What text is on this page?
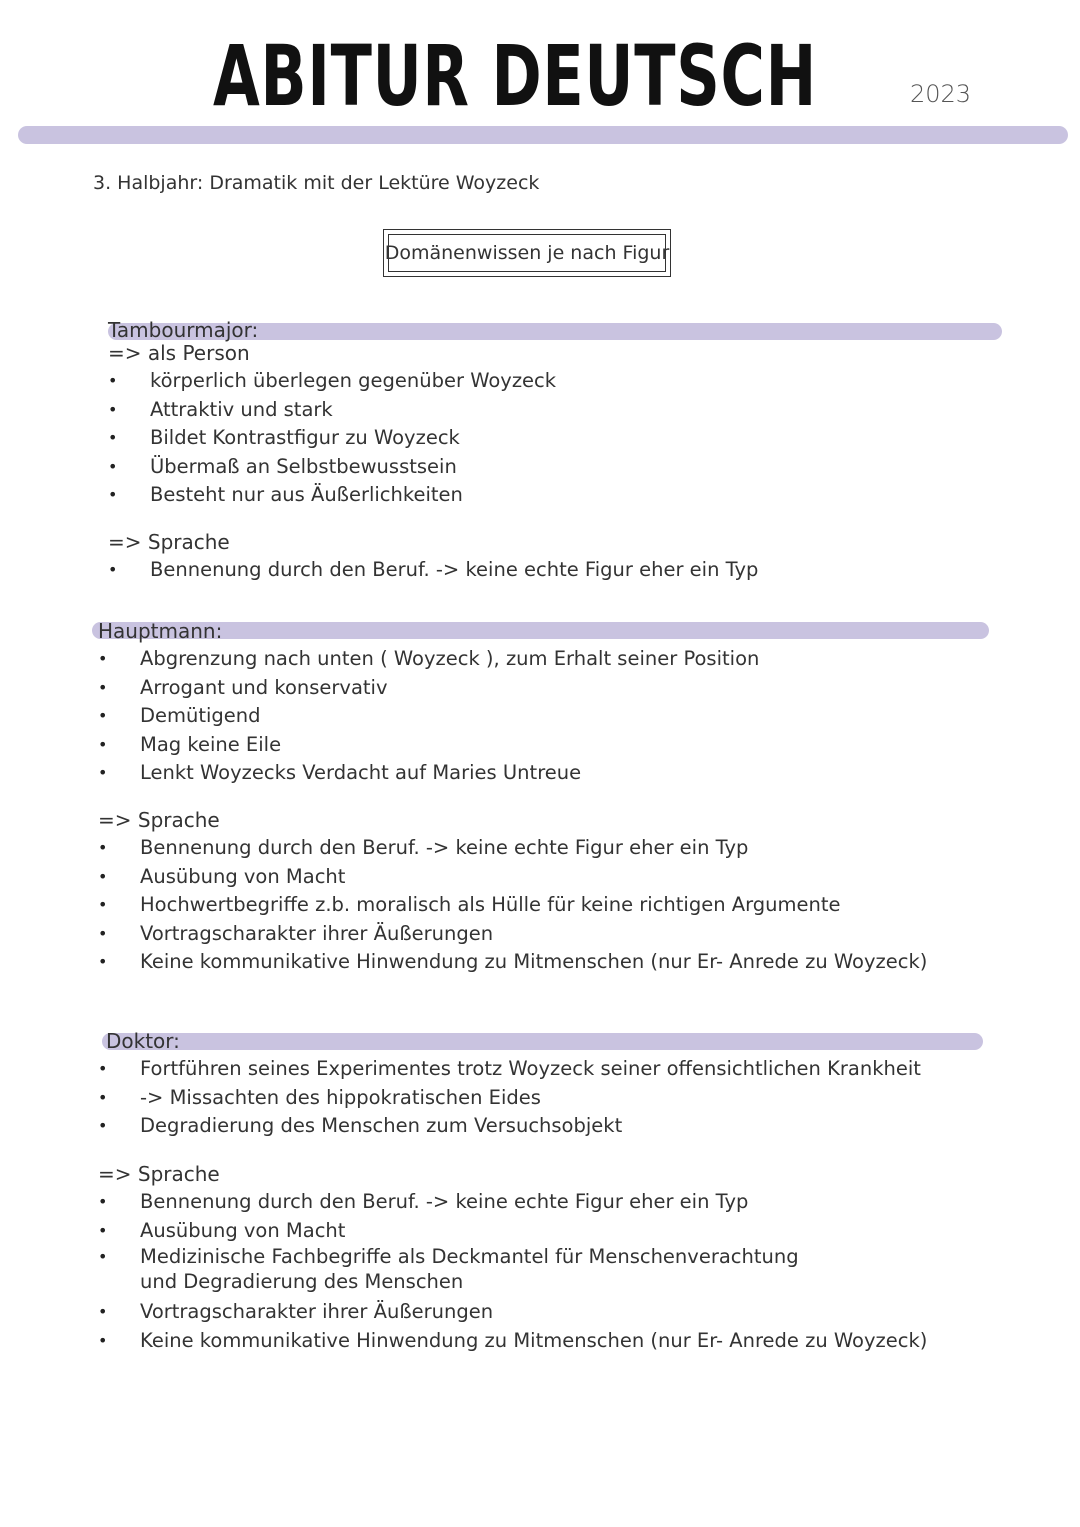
ABITUR DEUTSCH	2023
3. Halbjahr: Dramatik mit der Lektüre Woyzeck
Domänenwissen je nach Figur
Tambourmajor:
=> als Person
• körperlich überlegen gegenüber Woyzeck
• Attraktiv und stark
• Bildet Kontrastfigur zu Woyzeck
• Übermaß an Selbstbewusstsein
• Besteht nur aus Äußerlichkeiten
=> Sprache
• Bennenung durch den Beruf. -> keine echte Figur eher ein Typ
Hauptmann:
• Abgrenzung nach unten ( Woyzeck ), zum Erhalt seiner Position
• Arrogant und konservativ
• Demütigend
• Mag keine Eile
• Lenkt Woyzecks Verdacht auf Maries Untreue
=> Sprache
• Bennenung durch den Beruf. -> keine echte Figur eher ein Typ
• Ausübung von Macht
• Hochwertbegriffe z.b. moralisch als Hülle für keine richtigen Argumente
• Vortragscharakter ihrer Äußerungen
• Keine kommunikative Hinwendung zu Mitmenschen (nur Er- Anrede zu Woyzeck)
Doktor:
• Fortführen seines Experimentes trotz Woyzeck seiner offensichtlichen Krankheit
• -> Missachten des hippokratischen Eides
• Degradierung des Menschen zum Versuchsobjekt
=> Sprache
• Bennenung durch den Beruf. -> keine echte Figur eher ein Typ
• Ausübung von Macht
• Medizinische Fachbegriffe als Deckmantel für Menschenverachtung und Degradierung des Menschen
• Vortragscharakter ihrer Äußerungen
• Keine kommunikative Hinwendung zu Mitmenschen (nur Er- Anrede zu Woyzeck)
